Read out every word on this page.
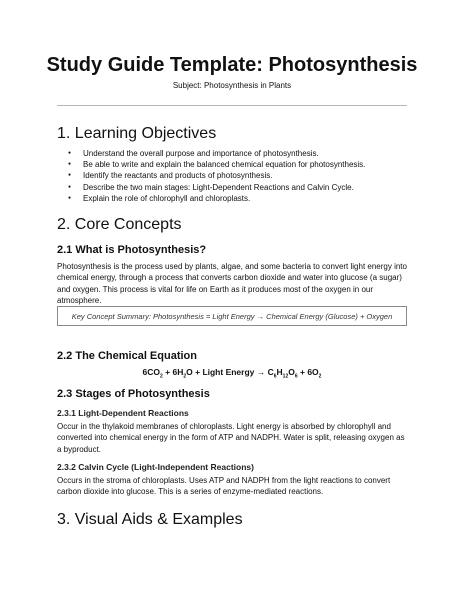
Study Guide Template: Photosynthesis

Subject: Photosynthesis in Plants

1. Learning Objectives
● Understand the overall purpose and importance of photosynthesis.
● Be able to write and explain the balanced chemical equation for photosynthesis.
● Identify the reactants and products of photosynthesis.
● Describe the two main stages: Light-Dependent Reactions and Calvin Cycle.
● Explain the role of chlorophyll and chloroplasts.
2. Core Concepts
2.1 What is Photosynthesis?

Photosynthesis is the process used by plants, algae, and some bacteria to convert light energy into chemical energy, through a process that converts carbon dioxide and water into glucose (a sugar) and oxygen. This process is vital for life on Earth as it produces most of the oxygen in our atmosphere.

Key Concept Summary: Photosynthesis = Light Energy → Chemical Energy (Glucose) + Oxygen
2.2 The Chemical Equation

$6CO_2 + 6H_2O$ + Light Energy → $C_6H_{12}O_6 + 6O_2$

2.3 Stages of Photosynthesis
2.3.1 Light-Dependent Reactions

Occur in the thylakoid membranes of chloroplasts. Light energy is absorbed by chlorophyll and converted into chemical energy in the form of ATP and NADPH. Water is split, releasing oxygen as a byproduct.

2.3.2 Calvin Cycle (Light-Independent Reactions)

Occurs in the stroma of chloroplasts. Uses ATP and NADPH from the light reactions to convert carbon dioxide into glucose. This is a series of enzyme-mediated reactions.

3. Visual Aids & Examples
